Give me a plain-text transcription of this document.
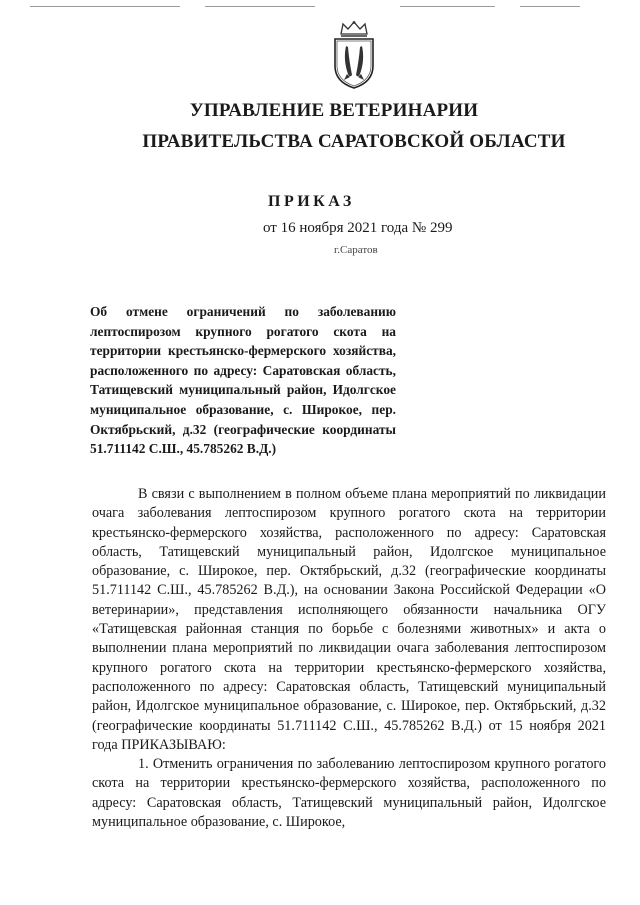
УПРАВЛЕНИЕ ВЕТЕРИНАРИИ
ПРАВИТЕЛЬСТВА САРАТОВСКОЙ ОБЛАСТИ
ПРИКАЗ
от 16 ноября 2021 года № 299
г.Саратов
Об отмене ограничений по заболеванию лептоспирозом крупного рогатого скота на территории крестьянско-фермерского хозяйства, расположенного по адресу: Саратовская область, Татищевский муниципальный район, Идолгское муниципальное образование, с. Широкое, пер. Октябрьский, д.32 (географические координаты 51.711142 С.Ш., 45.785262 В.Д.)

В связи с выполнением в полном объеме плана мероприятий по ликвидации очага заболевания лептоспирозом крупного рогатого скота на территории крестьянско-фермерского хозяйства, расположенного по адресу: Саратовская область, Татищевский муниципальный район, Идолгское муниципальное образование, с. Широкое, пер. Октябрьский, д.32 (географические координаты 51.711142 С.Ш., 45.785262 В.Д.), на основании Закона Российской Федерации «О ветеринарии», представления исполняющего обязанности начальника ОГУ «Татищевская районная станция по борьбе с болезнями животных» и акта о выполнении плана мероприятий по ликвидации очага заболевания лептоспирозом крупного рогатого скота на территории крестьянско-фермерского хозяйства, расположенного по адресу: Саратовская область, Татищевский муниципальный район, Идолгское муниципальное образование, с. Широкое, пер. Октябрьский, д.32 (географические координаты 51.711142 С.Ш., 45.785262 В.Д.) от 15 ноября 2021 года ПРИКАЗЫВАЮ:

1. Отменить ограничения по заболеванию лептоспирозом крупного рогатого скота на территории крестьянско-фермерского хозяйства, расположенного по адресу: Саратовская область, Татищевский муниципальный район, Идолгское муниципальное образование, с. Широкое,
